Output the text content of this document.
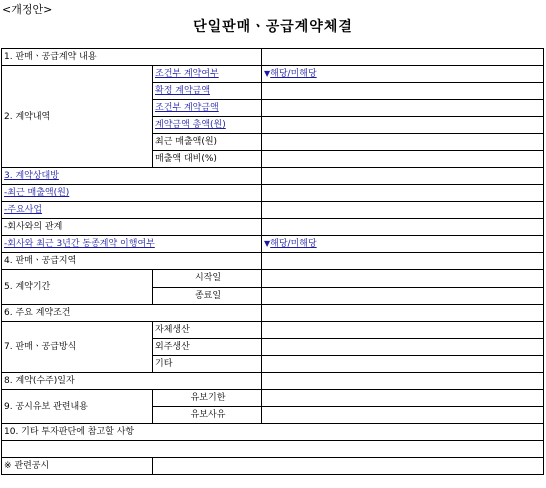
<개정안>
단일판매ㆍ공급계약체결
1. 판매ㆍ공급계약 내용		
2. 계약내역	조건부 계약여부	▼해당/미해당
	확정 계약금액	
	조건부 계약금액	
	계약금액 총액(원)	
	최근 매출액(원)	
	매출액 대비(%)	
3. 계약상대방		
-최근 매출액(원)		
-주요사업		
-회사와의 관계		
-회사와 최근 3년간 동종계약 이행여부		▼해당/미해당
4. 판매ㆍ공급지역		
5. 계약기간	시작일	
	종료일	
6. 주요 계약조건		
7. 판매ㆍ공급방식	자체생산	
	외주생산	
	기타	
8. 계약(수주)일자		
9. 공시유보 관련내용	유보기한	
	유보사유	
10. 기타 투자판단에 참고할 사항		

※ 관련공시		
